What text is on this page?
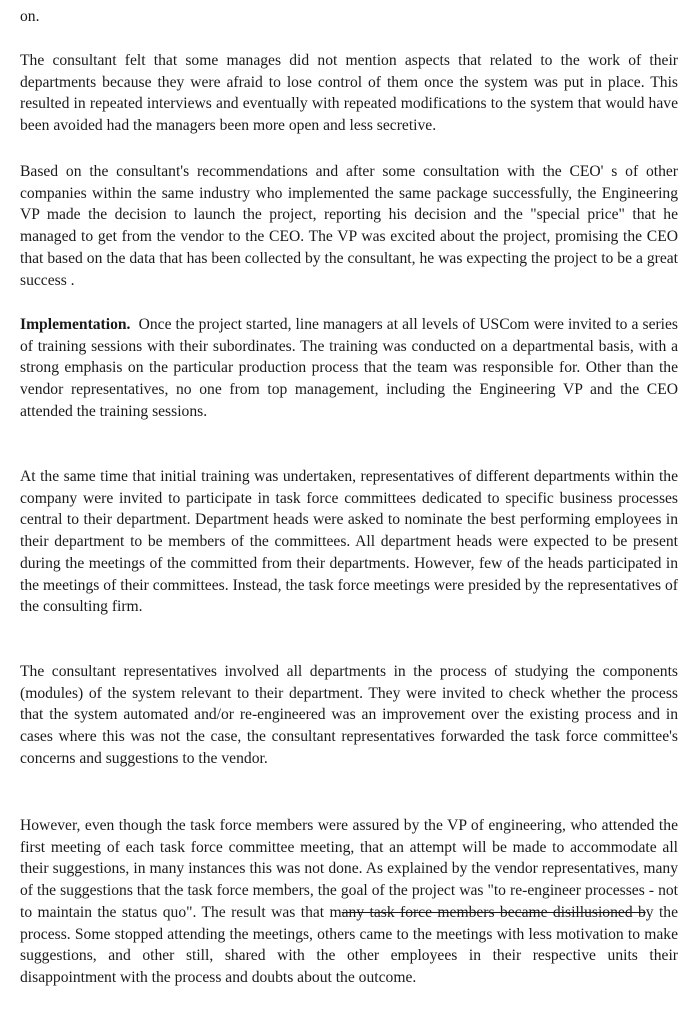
on.

The consultant felt that some manages did not mention aspects that related to the work of their departments because they were afraid to lose control of them once the system was put in place. This resulted in repeated interviews and eventually with repeated modifications to the system that would have been avoided had the managers been more open and less secretive.

Based on the consultant's recommendations and after some consultation with the CEO' s of other companies within the same industry who implemented the same package successfully, the Engineering VP made the decision to launch the project, reporting his decision and the "special price" that he managed to get from the vendor to the CEO. The VP was excited about the project, promising the CEO that based on the data that has been collected by the consultant, he was expecting the project to be a great success .

Implementation. Once the project started, line managers at all levels of USCom were invited to a series of training sessions with their subordinates. The training was conducted on a departmental basis, with a strong emphasis on the particular production process that the team was responsible for. Other than the vendor representatives, no one from top management, including the Engineering VP and the CEO attended the training sessions.

At the same time that initial training was undertaken, representatives of different departments within the company were invited to participate in task force committees dedicated to specific business processes central to their department. Department heads were asked to nominate the best performing employees in their department to be members of the committees. All department heads were expected to be present during the meetings of the committed from their departments. However, few of the heads participated in the meetings of their committees. Instead, the task force meetings were presided by the representatives of the consulting firm.

The consultant representatives involved all departments in the process of studying the components (modules) of the system relevant to their department. They were invited to check whether the process that the system automated and/or re-engineered was an improvement over the existing process and in cases where this was not the case, the consultant representatives forwarded the task force committee's concerns and suggestions to the vendor.

However, even though the task force members were assured by the VP of engineering, who attended the first meeting of each task force committee meeting, that an attempt will be made to accommodate all their suggestions, in many instances this was not done. As explained by the vendor representatives, many of the suggestions that the task force members, the goal of the project was "to re-engineer processes - not to maintain the status quo". The result was that many task force members became disillusioned by the process. Some stopped attending the meetings, others came to the meetings with less motivation to make suggestions, and other still, shared with the other employees in their respective units their disappointment with the process and doubts about the outcome.
